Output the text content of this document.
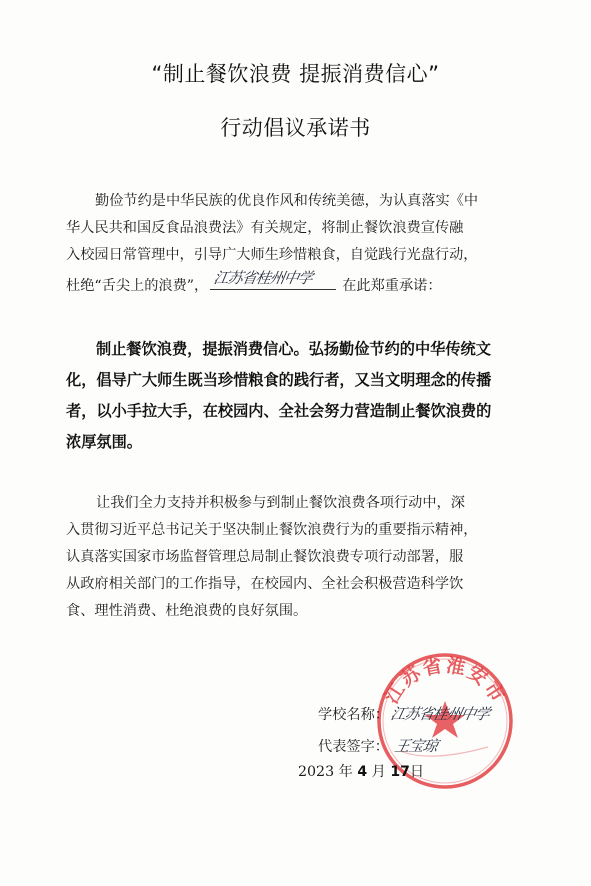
“制止餐饮浪费 提振消费信心”
行动倡议承诺书
勤俭节约是中华民族的优良作风和传统美德，为认真落实《中
华人民共和国反食品浪费法》有关规定，将制止餐饮浪费宣传融
入校园日常管理中，引导广大师生珍惜粮食，自觉践行光盘行动，
杜绝“舌尖上的浪费”， 江苏省桂州中学 在此郑重承诺：
制止餐饮浪费，提振消费信心。弘扬勤俭节约的中华传统文
化，倡导广大师生既当珍惜粮食的践行者，又当文明理念的传播
者，以小手拉大手，在校园内、全社会努力营造制止餐饮浪费的
浓厚氛围。
让我们全力支持并积极参与到制止餐饮浪费各项行动中，深
入贯彻习近平总书记关于坚决制止餐饮浪费行为的重要指示精神，
认真落实国家市场监督管理总局制止餐饮浪费专项行动部署，服
从政府相关部门的工作指导，在校园内、全社会积极营造科学饮
食、理性消费、杜绝浪费的良好氛围。
江苏省淮安市
学校名称：江苏省桂州中学
代表签字： 王宝琼
2023 年 4 月 17日
